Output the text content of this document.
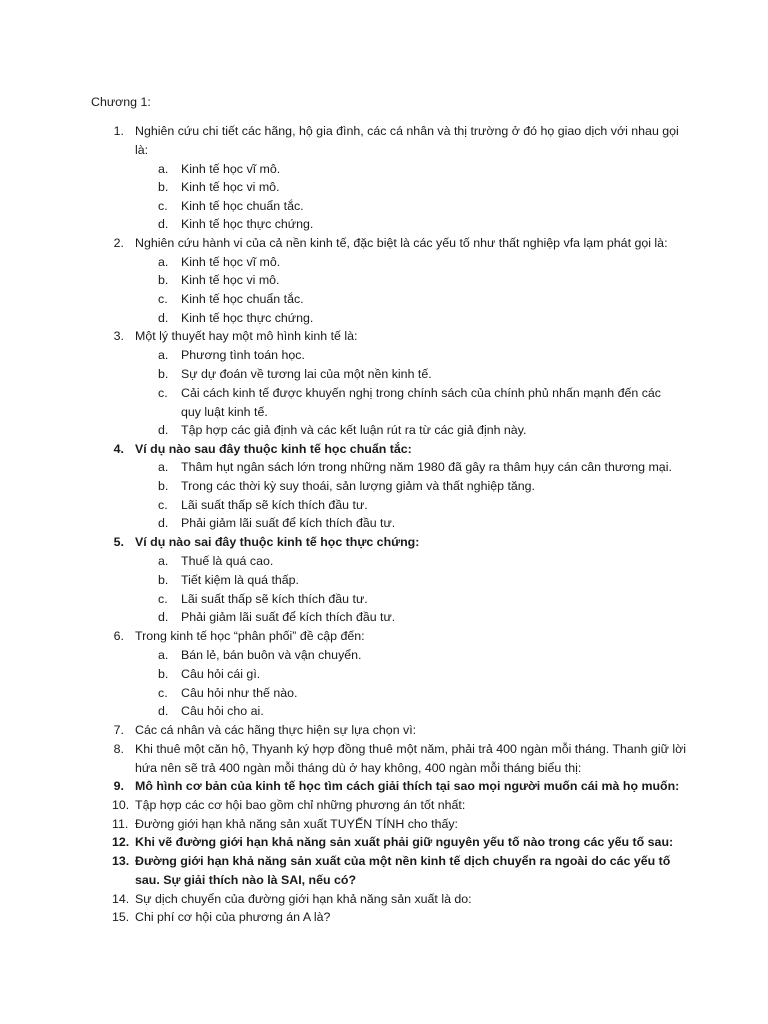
Chương 1:
1. Nghiên cứu chi tiết các hãng, hộ gia đình, các cá nhân và thị trường ở đó họ giao dịch với nhau gọi là:
a. Kinh tế học vĩ mô.
b. Kinh tế học vi mô.
c. Kinh tế học chuẩn tắc.
d. Kinh tế học thực chứng.
2. Nghiên cứu hành vi của cả nền kinh tế, đặc biệt là các yếu tố như thất nghiệp vfa lạm phát gọi là:
a. Kinh tế học vĩ mô.
b. Kinh tế học vi mô.
c. Kinh tế học chuẩn tắc.
d. Kinh tế học thực chứng.
3. Một lý thuyết hay một mô hình kinh tế là:
a. Phương tình toán học.
b. Sự dự đoán về tương lai của một nền kinh tế.
c. Cải cách kinh tế được khuyến nghị trong chính sách của chính phủ nhấn mạnh đến các quy luật kinh tế.
d. Tập hợp các giả định và các kết luận rút ra từ các giả định này.
4. Ví dụ nào sau đây thuộc kinh tế học chuẩn tắc:
a. Thâm hụt ngân sách lớn trong những năm 1980 đã gây ra thâm hụy cán cân thương mại.
b. Trong các thời kỳ suy thoái, sản lượng giảm và thất nghiệp tăng.
c. Lãi suất thấp sẽ kích thích đầu tư.
d. Phải giảm lãi suất để kích thích đầu tư.
5. Ví dụ nào sai đây thuộc kinh tế học thực chứng:
a. Thuế là quá cao.
b. Tiết kiệm là quá thấp.
c. Lãi suất thấp sẽ kích thích đầu tư.
d. Phải giảm lãi suất để kích thích đầu tư.
6. Trong kinh tế học “phân phối” đề cập đến:
a. Bán lẻ, bán buôn và vận chuyển.
b. Câu hỏi cái gì.
c. Câu hỏi như thế nào.
d. Câu hỏi cho ai.
7. Các cá nhân và các hãng thực hiện sự lựa chọn vì:
8. Khi thuê một căn hộ, Thyanh ký hợp đồng thuê một năm, phải trả 400 ngàn mỗi tháng. Thanh giữ lời hứa nên sẽ trả 400 ngàn mỗi tháng dù ở hay không, 400 ngàn mỗi tháng biểu thị:
9. Mô hình cơ bản của kinh tế học tìm cách giải thích tại sao mọi người muốn cái mà họ muốn:
10. Tập hợp các cơ hội bao gồm chỉ những phương án tốt nhất:
11. Đường giới hạn khả năng sản xuất TUYẾN TÍNH cho thấy:
12. Khi vẽ đường giới hạn khả năng sản xuất phải giữ nguyên yếu tố nào trong các yếu tố sau:
13. Đường giới hạn khả năng sản xuất của một nền kinh tế dịch chuyển ra ngoài do các yếu tố sau. Sự giải thích nào là SAI, nếu có?
14. Sự dịch chuyển của đường giới hạn khả năng sản xuất là do:
15. Chi phí cơ hội của phương án A là?
